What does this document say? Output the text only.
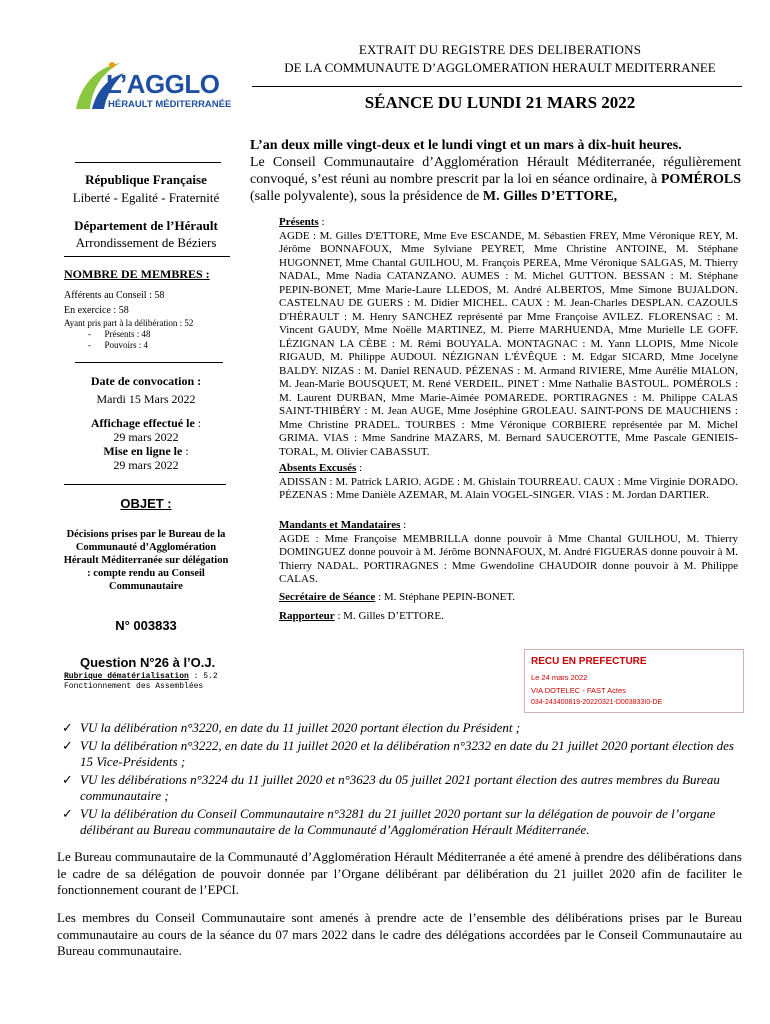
L’AGGLO
HÉRAULT MÉDITERRANÉE
EXTRAIT DU REGISTRE DES DELIBERATIONS
DE LA COMMUNAUTE D’AGGLOMERATION HERAULT MEDITERRANEE
SÉANCE DU LUNDI 21 MARS 2022
L’an deux mille vingt-deux et le lundi vingt et un mars à dix-huit heures.
Le Conseil Communautaire d’Agglomération Hérault Méditerranée, régulièrement convoqué, s’est réuni au nombre prescrit par la loi en séance ordinaire, à POMÉROLS (salle polyvalente), sous la présidence de M. Gilles D’ETTORE,
République Française
Liberté - Egalité - Fraternité
Département de l’Hérault
Arrondissement de Béziers
NOMBRE DE MEMBRES :
Afférents au Conseil : 58
En exercice : 58
Ayant pris part à la délibération : 52
-      Présents : 48
-      Pouvoirs : 4
Date de convocation :
Mardi 15 Mars 2022
Affichage effectué le :
29 mars 2022
Mise en ligne le :
29 mars 2022
OBJET :
Décisions prises par le Bureau de la Communauté d’Agglomération Hérault Méditerranée sur délégation : compte rendu au Conseil Communautaire
N° 003833
Question N°26 à l’O.J.
Rubrique dématérialisation : 5.2 Fonctionnement des Assemblées
Présents :
AGDE : M. Gilles D'ETTORE, Mme Eve ESCANDE, M. Sébastien FREY, Mme Véronique REY, M. Jérôme BONNAFOUX, Mme Sylviane PEYRET, Mme Christine ANTOINE, M. Stéphane HUGONNET, Mme Chantal GUILHOU, M. François PEREA, Mme Véronique SALGAS, M. Thierry NADAL, Mme Nadia CATANZANO. AUMES : M. Michel GUTTON. BESSAN : M. Stéphane PEPIN-BONET, Mme Marie-Laure LLEDOS, M. André ALBERTOS, Mme Simone BUJALDON. CASTELNAU DE GUERS : M. Didier MICHEL. CAUX : M. Jean-Charles DESPLAN. CAZOULS D'HÉRAULT : M. Henry SANCHEZ représenté par Mme Françoise AVILEZ. FLORENSAC : M. Vincent GAUDY, Mme Noëlle MARTINEZ, M. Pierre MARHUENDA, Mme Murielle LE GOFF. LÉZIGNAN LA CÈBE : M. Rémi BOUYALA. MONTAGNAC : M. Yann LLOPIS, Mme Nicole RIGAUD, M. Philippe AUDOUI. NÉZIGNAN L'ÉVÊQUE : M. Edgar SICARD, Mme Jocelyne BALDY. NIZAS : M. Daniel RENAUD. PÉZENAS : M. Armand RIVIERE, Mme Aurélie MIALON, M. Jean-Marie BOUSQUET, M. René VERDEIL. PINET : Mme Nathalie BASTOUL. POMÉROLS : M. Laurent DURBAN, Mme Marie-Aimée POMAREDE. PORTIRAGNES : M. Philippe CALAS SAINT-THIBÉRY : M. Jean AUGE, Mme Joséphine GROLEAU. SAINT-PONS DE MAUCHIENS : Mme Christine PRADEL. TOURBES : Mme Véronique CORBIERE représentée par M. Michel GRIMA. VIAS : Mme Sandrine MAZARS, M. Bernard SAUCEROTTE, Mme Pascale GENIEIS-TORAL, M. Olivier CABASSUT.
Absents Excusés :
ADISSAN : M. Patrick LARIO. AGDE : M. Ghislain TOURREAU. CAUX : Mme Virginie DORADO. PÉZENAS : Mme Danièle AZEMAR, M. Alain VOGEL-SINGER. VIAS : M. Jordan DARTIER.
Mandants et Mandataires :
AGDE : Mme Françoise MEMBRILLA donne pouvoir à Mme Chantal GUILHOU, M. Thierry DOMINGUEZ donne pouvoir à M. Jérôme BONNAFOUX, M. André FIGUERAS donne pouvoir à M. Thierry NADAL. PORTIRAGNES : Mme Gwendoline CHAUDOIR donne pouvoir à M. Philippe CALAS.
Secrétaire de Séance : M. Stéphane PEPIN-BONET.
Rapporteur : M. Gilles D’ETTORE.
RECU EN PREFECTURE
Le 24 mars 2022
VIA DOTELEC - FAST Actes
034-243400819-20220321-D003833I0-DE
✓ VU la délibération n°3220, en date du 11 juillet 2020 portant élection du Président ;
✓ VU la délibération n°3222, en date du 11 juillet 2020 et la délibération n°3232 en date du 21 juillet 2020 portant élection des 15 Vice-Présidents ;
✓ VU les délibérations n°3224 du 11 juillet 2020 et n°3623 du 05 juillet 2021 portant élection des autres membres du Bureau communautaire ;
✓ VU la délibération du Conseil Communautaire n°3281 du 21 juillet 2020 portant sur la délégation de pouvoir de l’organe délibérant au Bureau communautaire de la Communauté d’Agglomération Hérault Méditerranée.
Le Bureau communautaire de la Communauté d’Agglomération Hérault Méditerranée a été amené à prendre des délibérations dans le cadre de sa délégation de pouvoir donnée par l’Organe délibérant par délibération du 21 juillet 2020 afin de faciliter le fonctionnement courant de l’EPCI.
Les membres du Conseil Communautaire sont amenés à prendre acte de l’ensemble des délibérations prises par le Bureau communautaire au cours de la séance du 07 mars 2022 dans le cadre des délégations accordées par le Conseil Communautaire au Bureau communautaire.
